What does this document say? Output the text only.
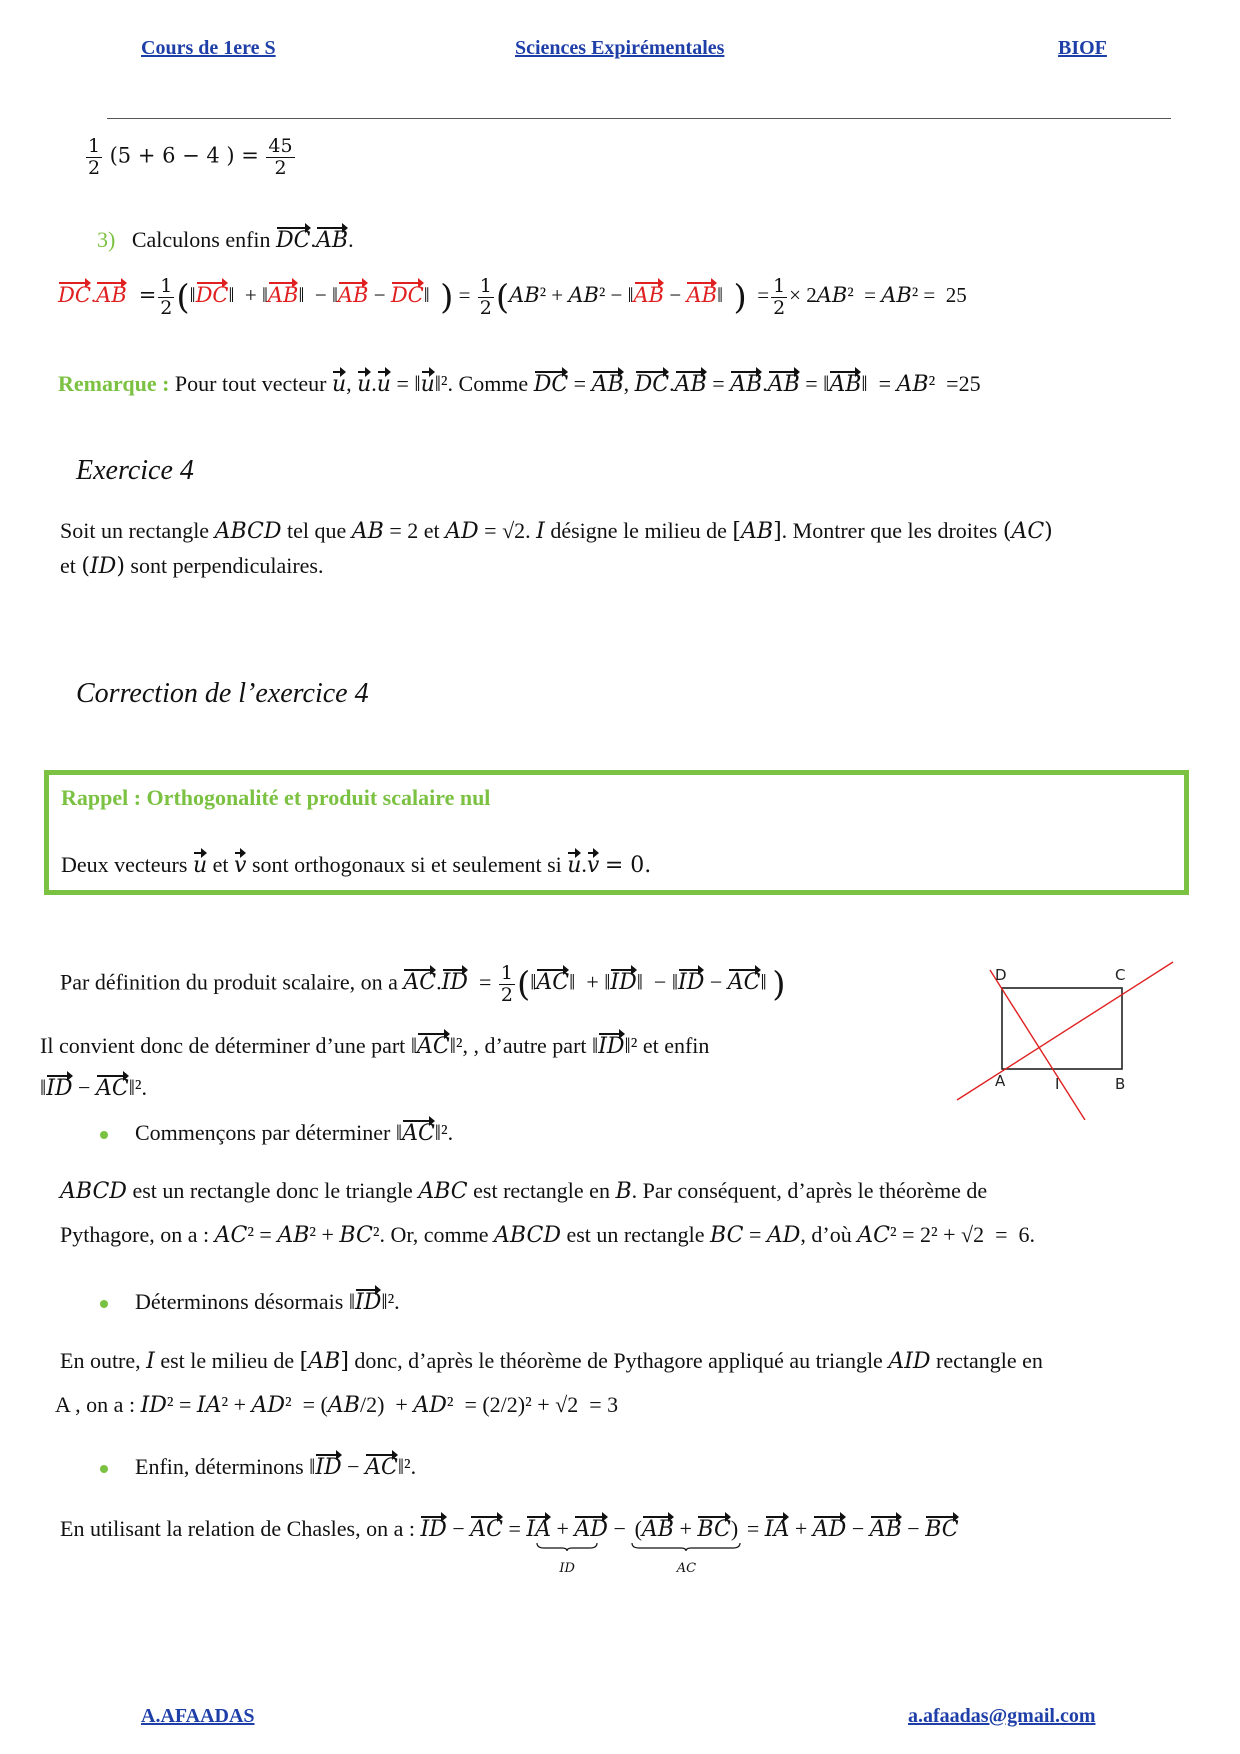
Cours de 1ere S	Sciences Expirémentales	BIOF
$\frac{1}{2} (5 + 6 - 4$ ) = $\frac{45}{2}$
3) Calculons enfin DC.AB.
$DC.AB = \frac{1}{2}$ (‖DC‖  + ‖AB‖  − ‖AB − DC‖  ) = $\frac{1}{2} (AB^2 + AB^2$ − ‖AB − AB‖  )  = $\frac{1}{2} \times 2AB^2 = AB^2 = 25$
Remarque : Pour tout vecteur u, u.u = ‖u‖². Comme DC = AB, DC.AB = AB.AB = ‖AB‖  = AB²  =25
Exercice 4
Soit un rectangle ABCD tel que AB = 2 et AD = √2. I désigne le milieu de [AB]. Montrer que les droites (AC)
et (ID) sont perpendiculaires.
Correction de l’exercice 4
Rappel : Orthogonalité et produit scalaire nul
Deux vecteurs u et v sont orthogonaux si et seulement si u.v = 0.
Par définition du produit scalaire, on a $AC.ID = \frac{1}{2}$ (‖AC‖  + ‖ID‖  − ‖ID − AC‖ )
Il convient donc de déterminer d’une part ‖AC‖², , d’autre part ‖ID‖² et enfin
‖ID − AC‖².
Commençons par déterminer ‖AC‖².
ABCD est un rectangle donc le triangle ABC est rectangle en B. Par conséquent, d’après le théorème de
Pythagore, on a : AC² = AB² + BC². Or, comme ABCD est un rectangle BC = AD, d’où AC² = 2² + √2  =  6.
Déterminons désormais ‖ID‖².
En outre, I est le milieu de [AB] donc, d’après le théorème de Pythagore appliqué au triangle AID rectangle en
A , on a : ID² = IA² + AD²  = (AB/2)  + AD²  = (2/2)² + √2  = 3
Enfin, déterminons ‖ID − AC‖².
En utilisant la relation de Chasles, on a : ID − AC = IA + AD
ID − (AB + BC)
AC = IA + AD − AB − BC
D	C
A	I	B
A.AFAADAS	a.afaadas@gmail.com
